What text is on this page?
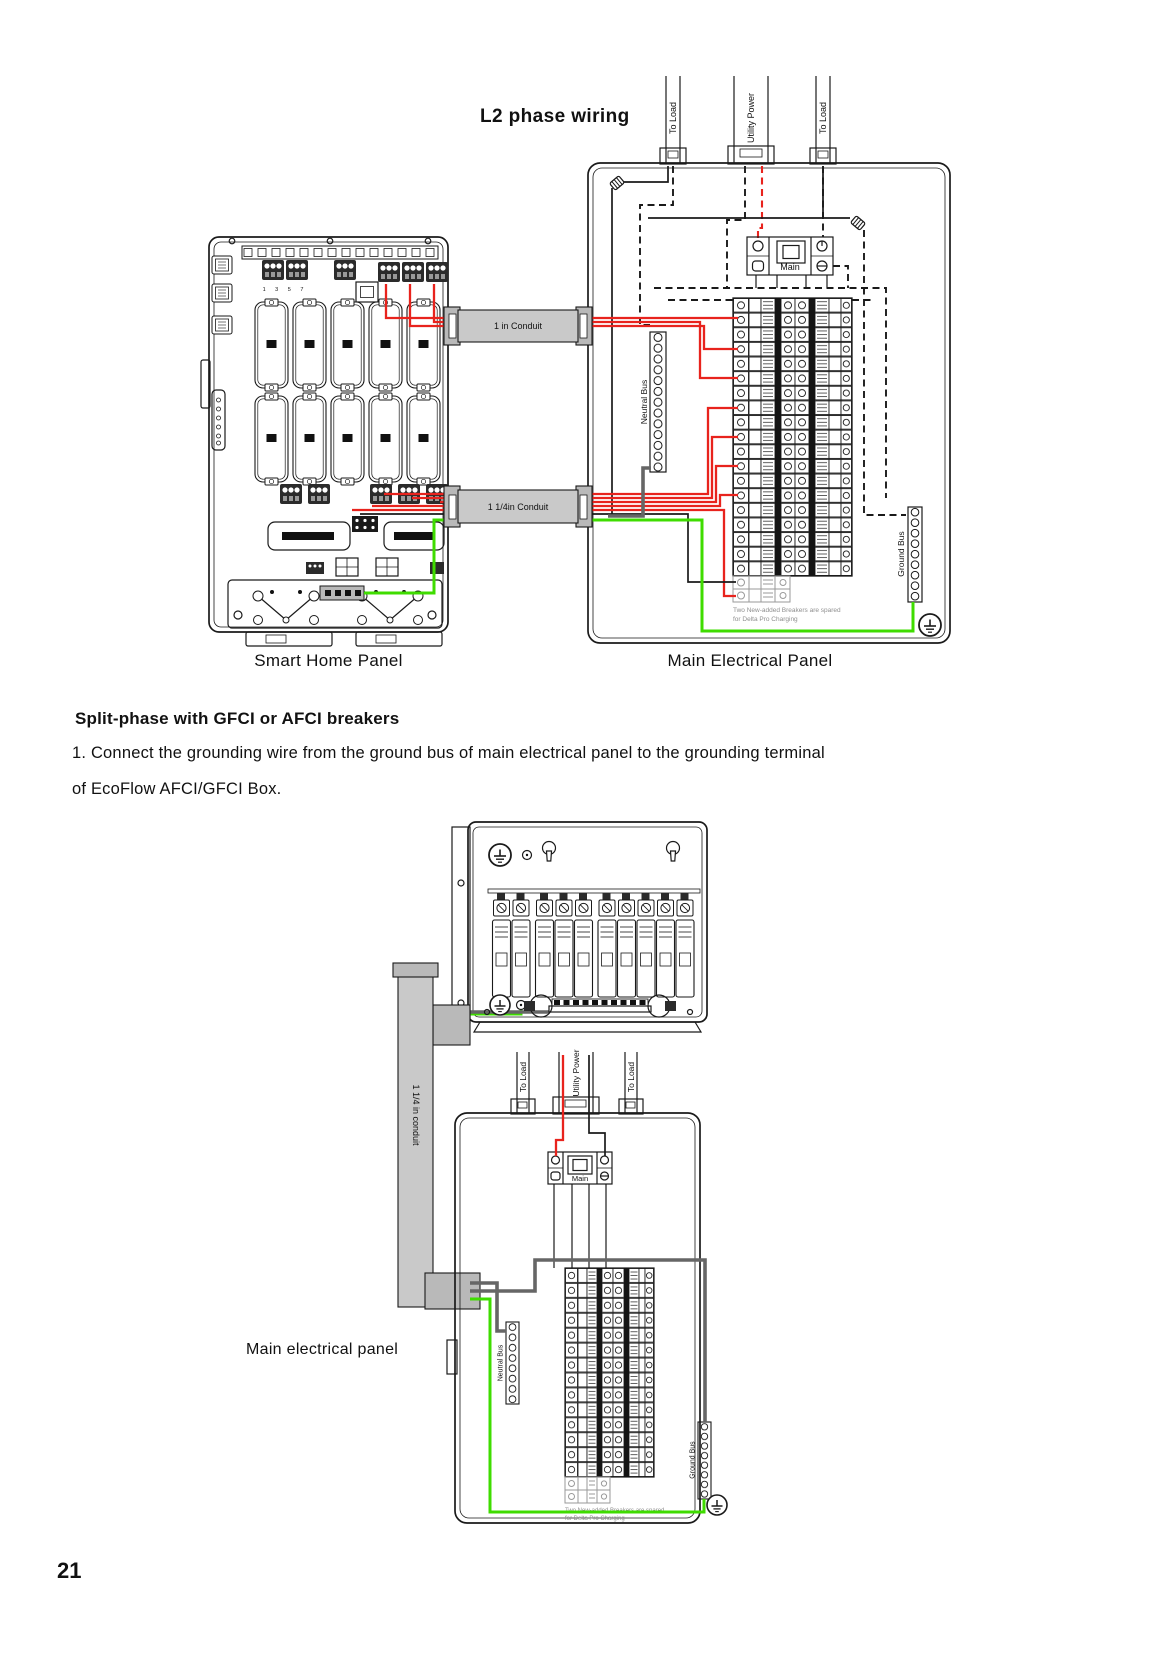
L2 phase wiring
1 3 5 7
To Load	Utility Power	To Load
Main
Neutral Bus
Ground Bus
Two New-added Breakers are spared
for Delta Pro Charging
1 in Conduit
1 1/4in Conduit
Smart Home Panel	Main Electrical Panel
Split-phase with GFCI or AFCI breakers
1. Connect the grounding wire from the ground bus of main electrical panel to the grounding terminal
of EcoFlow AFCI/GFCI Box.
1 1/4 in conduit
To Load	Utility Power	To Load
Main
Neutral Bus
Ground Bus
Two New-added Breakers are spared
for Delta Pro Charging
Main electrical panel
21
